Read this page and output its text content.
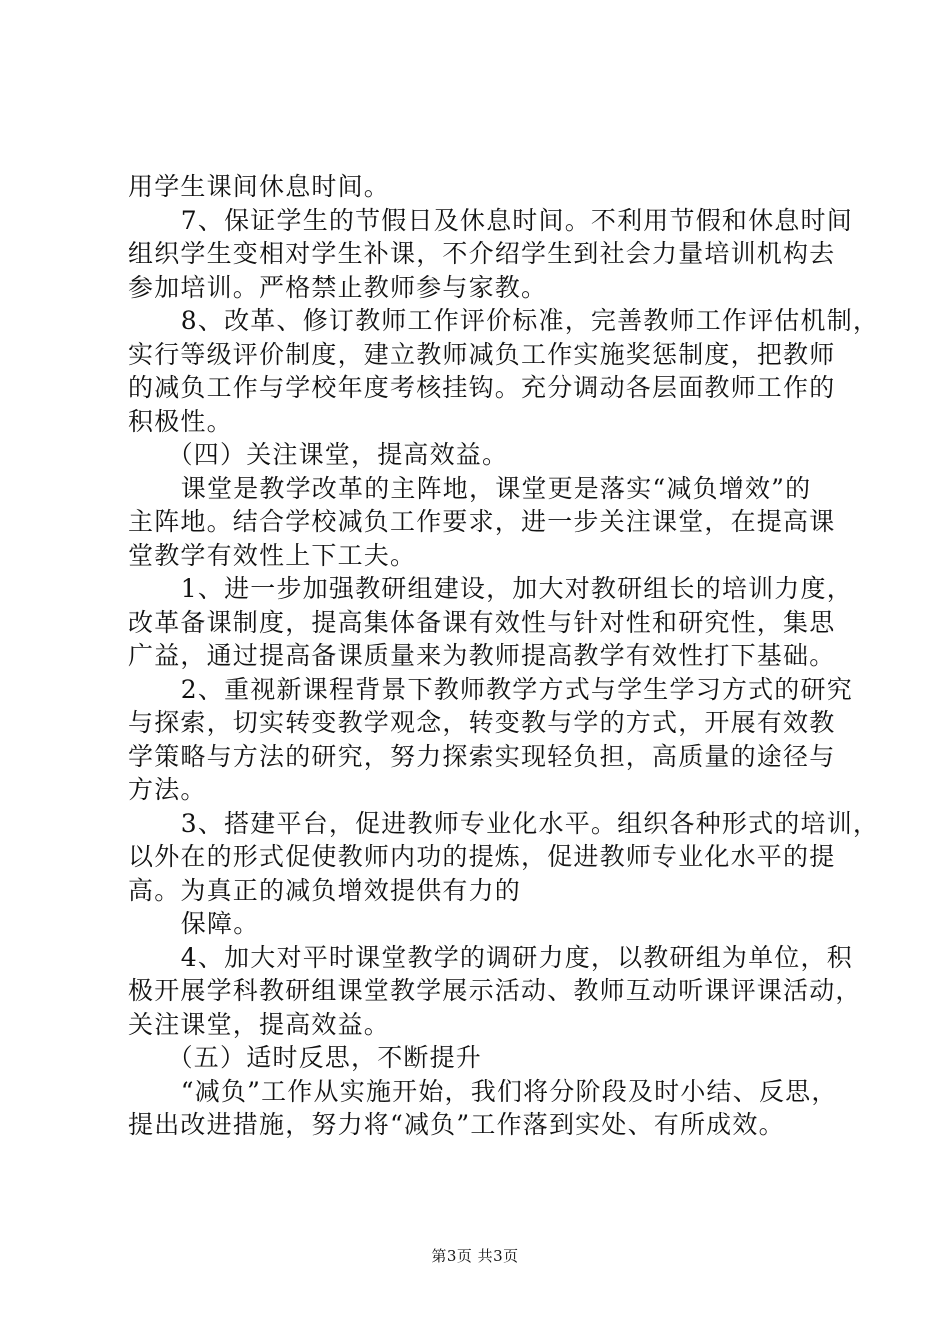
用学生课间休息时间。
7、保证学生的节假日及休息时间。不利用节假和休息时间
组织学生变相对学生补课，不介绍学生到社会力量培训机构去
参加培训。严格禁止教师参与家教。
8、改革、修订教师工作评价标准，完善教师工作评估机制，
实行等级评价制度，建立教师减负工作实施奖惩制度，把教师
的减负工作与学校年度考核挂钩。充分调动各层面教师工作的
积极性。
（四）关注课堂，提高效益。
课堂是教学改革的主阵地，课堂更是落实“减负增效”的
主阵地。结合学校减负工作要求，进一步关注课堂，在提高课
堂教学有效性上下工夫。
1、进一步加强教研组建设，加大对教研组长的培训力度，
改革备课制度，提高集体备课有效性与针对性和研究性，集思
广益，通过提高备课质量来为教师提高教学有效性打下基础。
2、重视新课程背景下教师教学方式与学生学习方式的研究
与探索，切实转变教学观念，转变教与学的方式，开展有效教
学策略与方法的研究，努力探索实现轻负担，高质量的途径与
方法。
3、搭建平台，促进教师专业化水平。组织各种形式的培训，
以外在的形式促使教师内功的提炼，促进教师专业化水平的提
高。为真正的减负增效提供有力的
保障。
4、加大对平时课堂教学的调研力度，以教研组为单位，积
极开展学科教研组课堂教学展示活动、教师互动听课评课活动，
关注课堂，提高效益。
（五）适时反思，不断提升
“减负”工作从实施开始，我们将分阶段及时小结、反思，
提出改进措施，努力将“减负”工作落到实处、有所成效。
第3页 共3页
